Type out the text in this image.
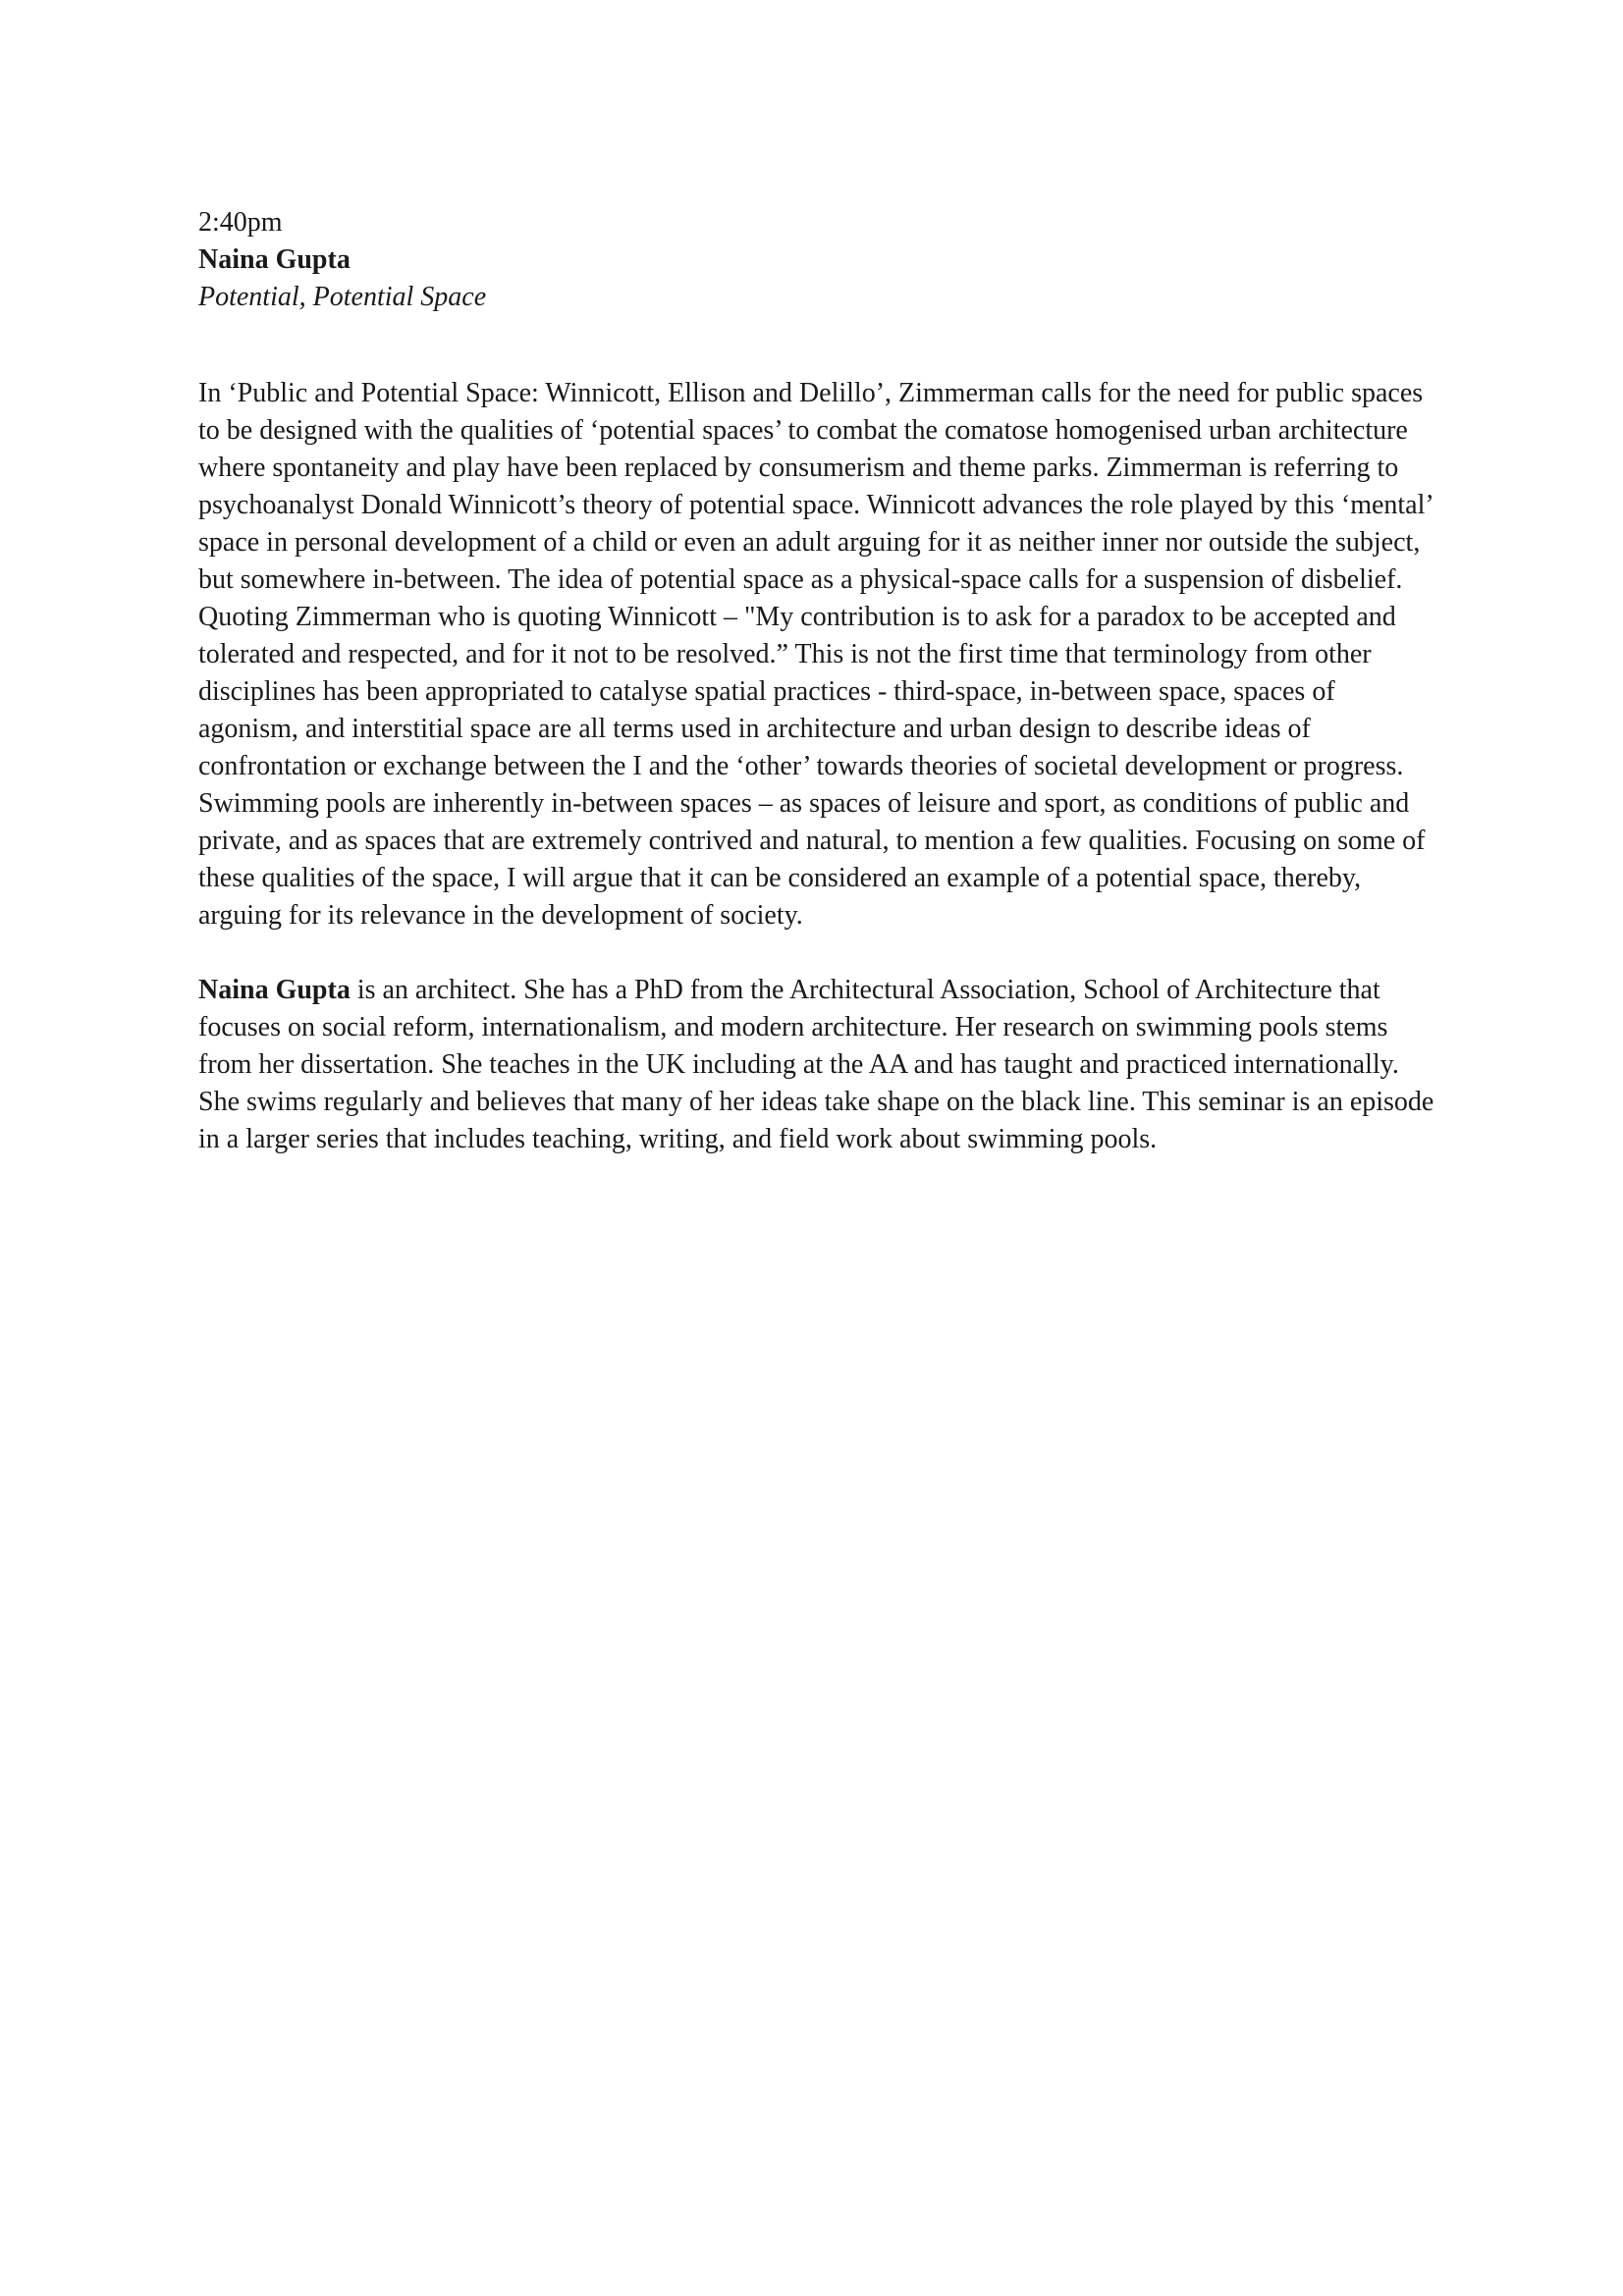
2:40pm

Naina Gupta

Potential, Potential Space

In ‘Public and Potential Space: Winnicott, Ellison and Delillo’, Zimmerman calls for the need for public spaces to be designed with the qualities of ‘potential spaces’ to combat the comatose homogenised urban architecture where spontaneity and play have been replaced by consumerism and theme parks. Zimmerman is referring to psychoanalyst Donald Winnicott’s theory of potential space. Winnicott advances the role played by this ‘mental’ space in personal development of a child or even an adult arguing for it as neither inner nor outside the subject, but somewhere in-between. The idea of potential space as a physical-space calls for a suspension of disbelief. Quoting Zimmerman who is quoting Winnicott – "My contribution is to ask for a paradox to be accepted and tolerated and respected, and for it not to be resolved.” This is not the first time that terminology from other disciplines has been appropriated to catalyse spatial practices - third-space, in-between space, spaces of agonism, and interstitial space are all terms used in architecture and urban design to describe ideas of confrontation or exchange between the I and the ‘other’ towards theories of societal development or progress. Swimming pools are inherently in-between spaces – as spaces of leisure and sport, as conditions of public and private, and as spaces that are extremely contrived and natural, to mention a few qualities. Focusing on some of these qualities of the space, I will argue that it can be considered an example of a potential space, thereby, arguing for its relevance in the development of society.

Naina Gupta is an architect. She has a PhD from the Architectural Association, School of Architecture that focuses on social reform, internationalism, and modern architecture. Her research on swimming pools stems from her dissertation. She teaches in the UK including at the AA and has taught and practiced internationally. She swims regularly and believes that many of her ideas take shape on the black line. This seminar is an episode in a larger series that includes teaching, writing, and field work about swimming pools.
